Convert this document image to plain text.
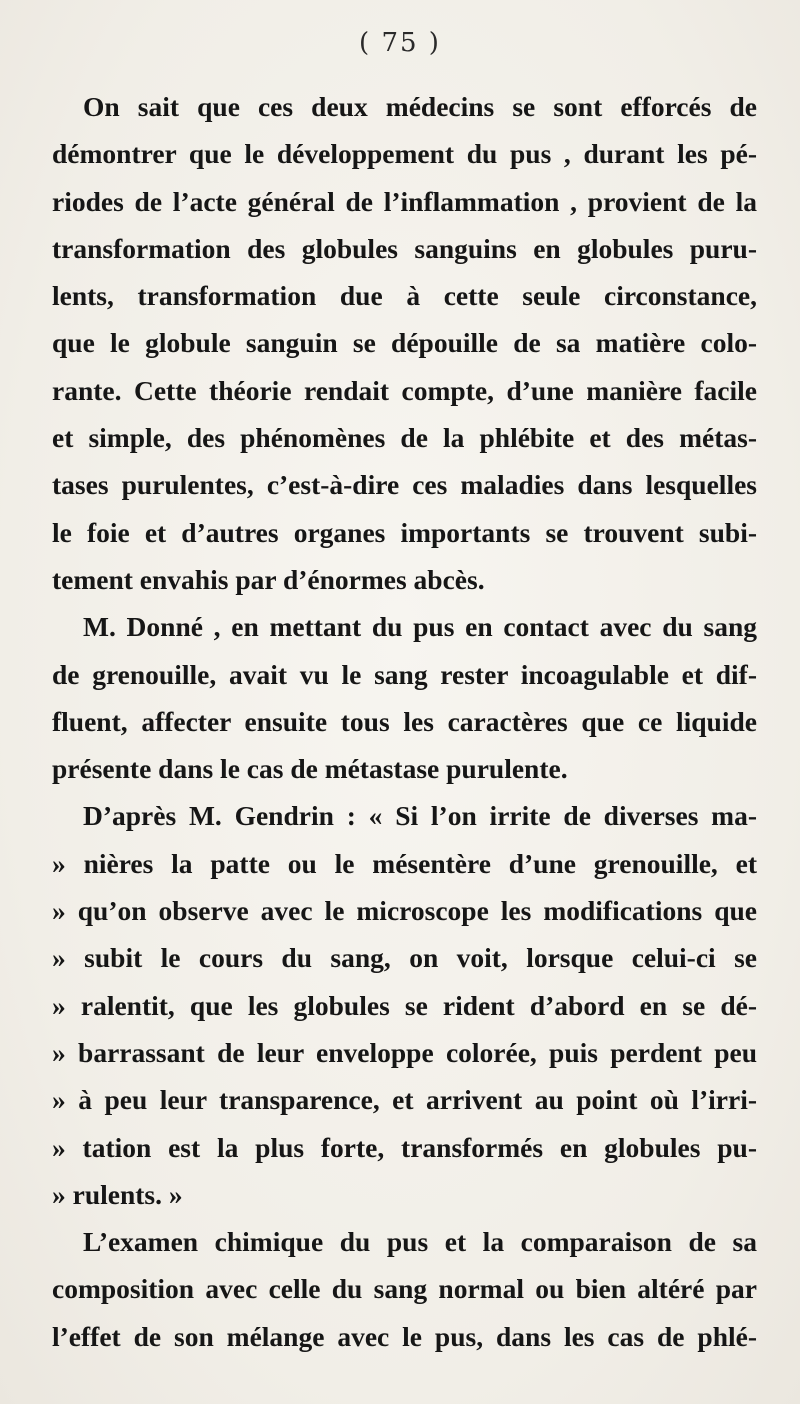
( 75 )
On sait que ces deux médecins se sont efforcés de
démontrer que le développement du pus , durant les pé-
riodes de l’acte général de l’inflammation , provient de la
transformation des globules sanguins en globules puru-
lents, transformation due à cette seule circonstance,
que le globule sanguin se dépouille de sa matière colo-
rante. Cette théorie rendait compte, d’une manière facile
et simple, des phénomènes de la phlébite et des métas-
tases purulentes, c’est-à-dire ces maladies dans lesquelles
le foie et d’autres organes importants se trouvent subi-
tement envahis par d’énormes abcès.
M. Donné , en mettant du pus en contact avec du sang
de grenouille, avait vu le sang rester incoagulable et dif-
fluent, affecter ensuite tous les caractères que ce liquide
présente dans le cas de métastase purulente.
D’après M. Gendrin : « Si l’on irrite de diverses ma-
» nières la patte ou le mésentère d’une grenouille, et
» qu’on observe avec le microscope les modifications que
» subit le cours du sang, on voit, lorsque celui-ci se
» ralentit, que les globules se rident d’abord en se dé-
» barrassant de leur enveloppe colorée, puis perdent peu
» à peu leur transparence, et arrivent au point où l’irri-
» tation est la plus forte, transformés en globules pu-
» rulents. »
L’examen chimique du pus et la comparaison de sa
composition avec celle du sang normal ou bien altéré par
l’effet de son mélange avec le pus, dans les cas de phlé-
